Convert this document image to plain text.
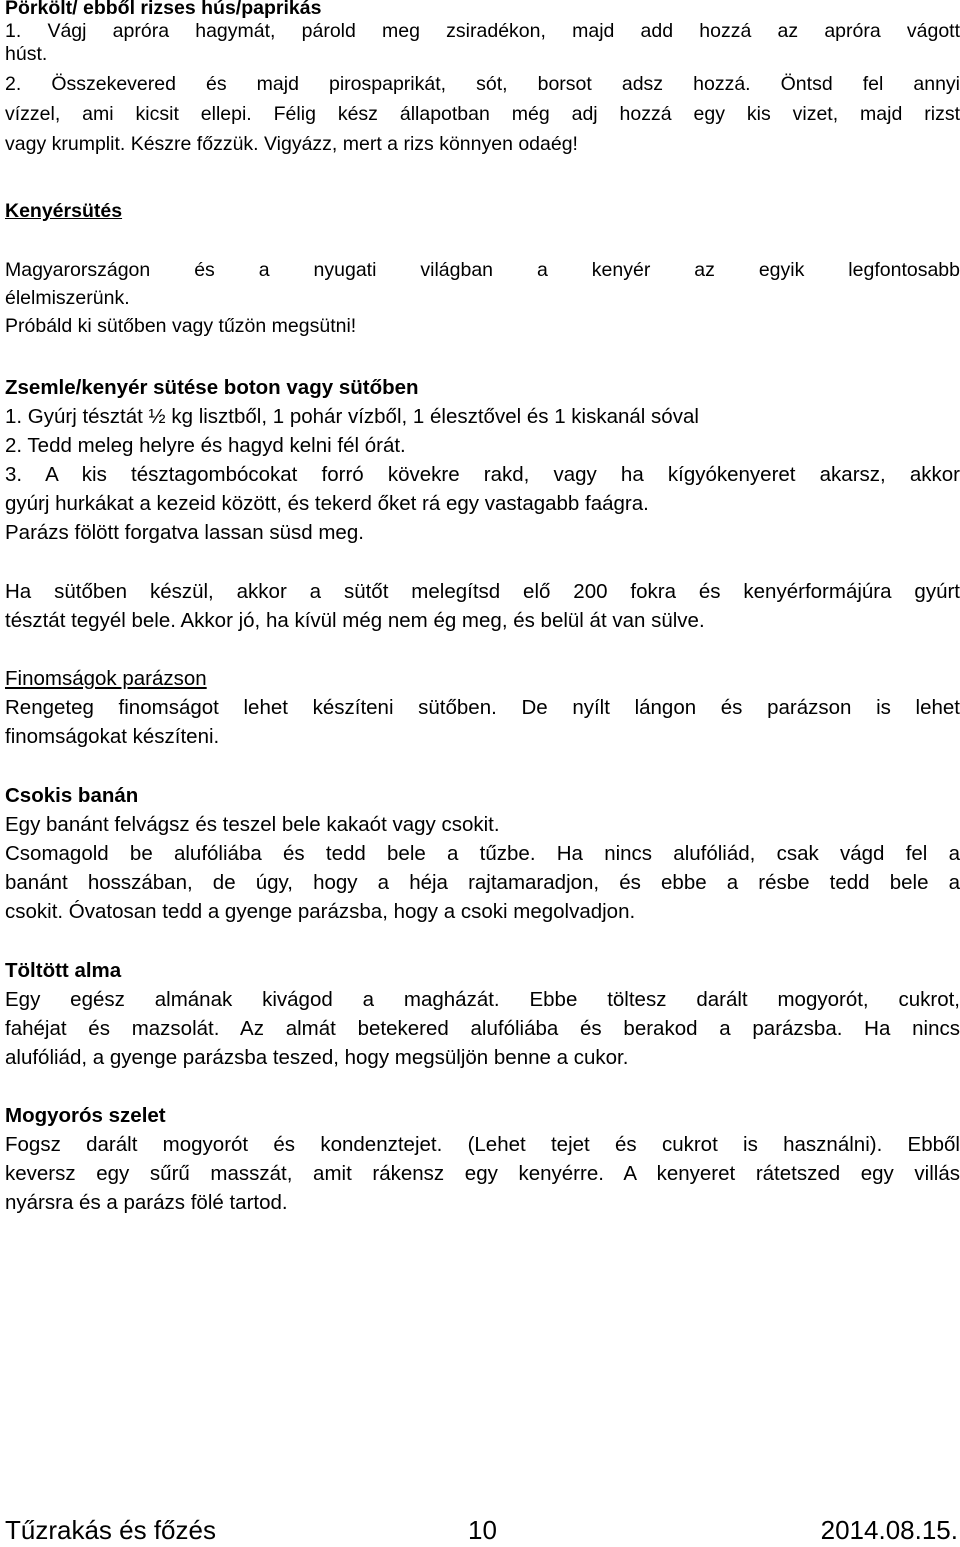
Pörkölt/ ebből rizses hús/paprikás
1. Vágj apróra hagymát, párold meg zsiradékon, majd add hozzá az apróra vágott
húst.
2. Összekevered és majd pirospaprikát, sót, borsot adsz hozzá. Öntsd fel annyi
vízzel, ami kicsit ellepi. Félig kész állapotban még adj hozzá egy kis vizet, majd rizst
vagy krumplit. Készre főzzük. Vigyázz, mert a rizs könnyen odaég!
Kenyérsütés
Magyarországon és a nyugati világban a kenyér az egyik legfontosabb
élelmiszerünk.
Próbáld ki sütőben vagy tűzön megsütni!
Zsemle/kenyér sütése boton vagy sütőben
1. Gyúrj tésztát ½ kg lisztből, 1 pohár vízből, 1 élesztővel és 1 kiskanál sóval
2. Tedd meleg helyre és hagyd kelni fél órát.
3. A kis tésztagombócokat forró kövekre rakd, vagy ha kígyókenyeret akarsz, akkor
gyúrj hurkákat a kezeid között, és tekerd őket rá egy vastagabb faágra.
Parázs fölött forgatva lassan süsd meg.
Ha sütőben készül, akkor a sütőt melegítsd elő 200 fokra és kenyérformájúra gyúrt
tésztát tegyél bele. Akkor jó, ha kívül még nem ég meg, és belül át van sülve.
Finomságok parázson
Rengeteg finomságot lehet készíteni sütőben. De nyílt lángon és parázson is lehet
finomságokat készíteni.
Csokis banán
Egy banánt felvágsz és teszel bele kakaót vagy csokit.
Csomagold be alufóliába és tedd bele a tűzbe. Ha nincs alufóliád, csak vágd fel a
banánt hosszában, de úgy, hogy a héja rajtamaradjon, és ebbe a résbe tedd bele a
csokit. Óvatosan tedd a gyenge parázsba, hogy a csoki megolvadjon.
Töltött alma
Egy egész almának kivágod a magházát. Ebbe töltesz darált mogyorót, cukrot,
fahéjat és mazsolát. Az almát betekered alufóliába és berakod a parázsba. Ha nincs
alufóliád, a gyenge parázsba teszed, hogy megsüljön benne a cukor.
Mogyorós szelet
Fogsz darált mogyorót és kondenztejet. (Lehet tejet és cukrot is használni). Ebből
keversz egy sűrű masszát, amit rákensz egy kenyérre. A kenyeret rátetszed egy villás
nyársra és a parázs fölé tartod.
Tűzrakás és főzés	10	2014.08.15.
